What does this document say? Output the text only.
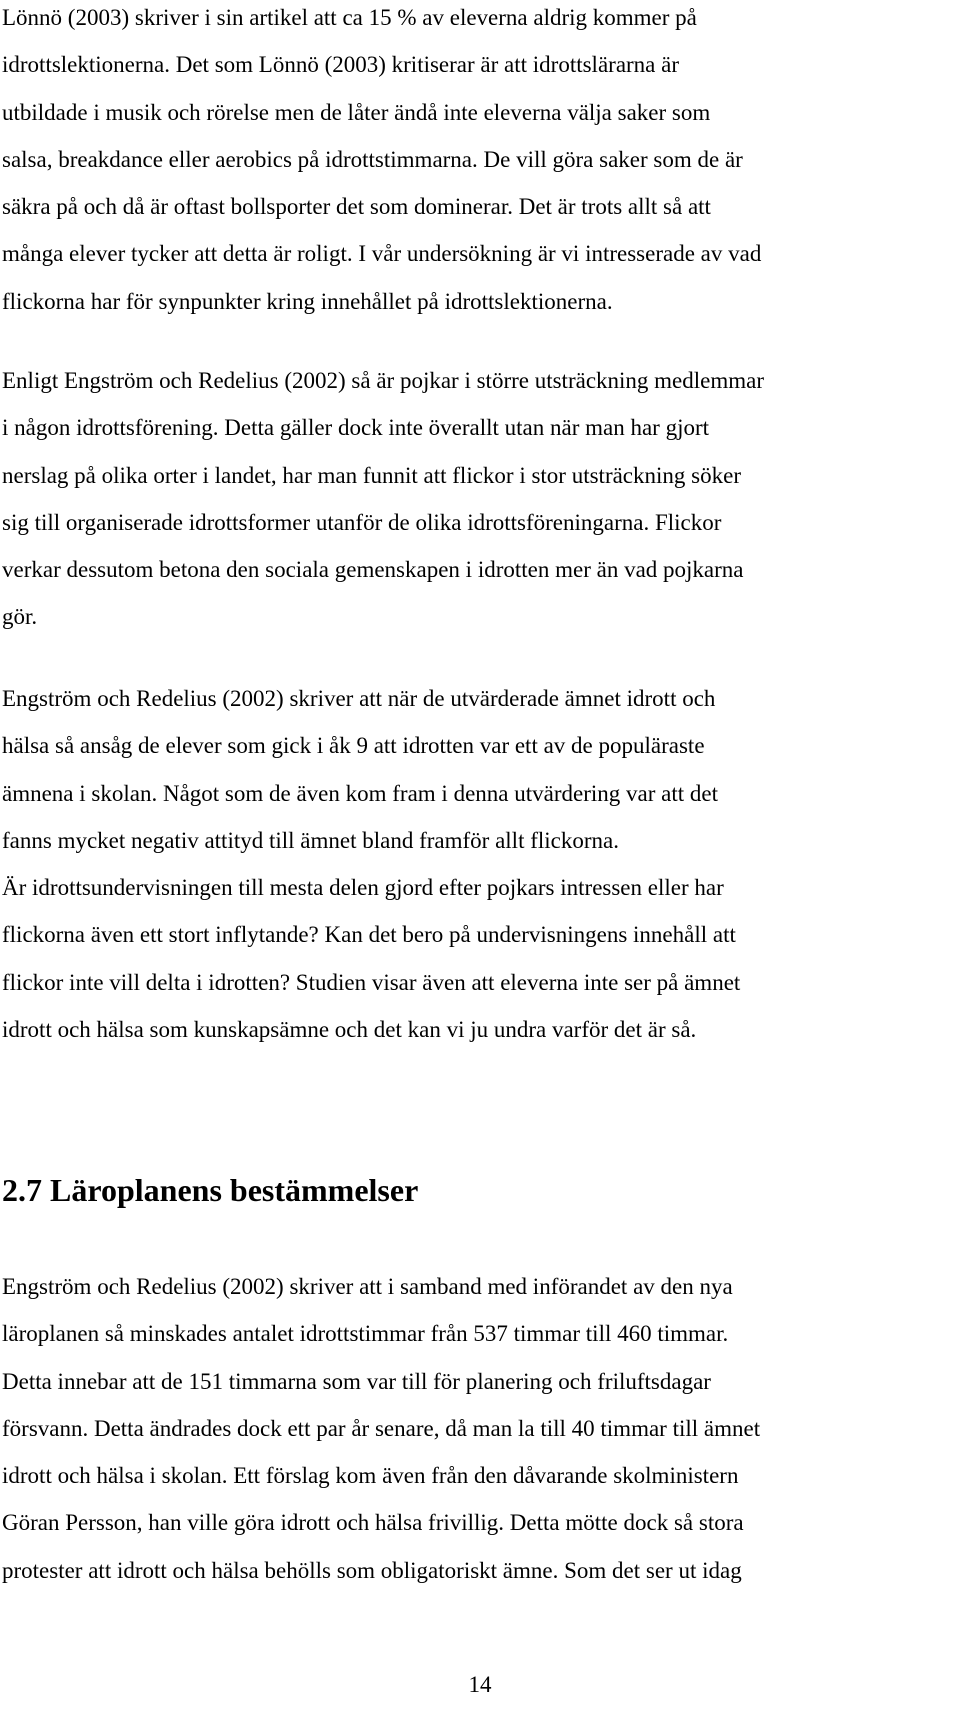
Lönnö (2003) skriver i sin artikel att ca 15 % av eleverna aldrig kommer på
idrottslektionerna. Det som Lönnö (2003) kritiserar är att idrottslärarna är
utbildade i musik och rörelse men de låter ändå inte eleverna välja saker som
salsa, breakdance eller aerobics på idrottstimmarna. De vill göra saker som de är
säkra på och då är oftast bollsporter det som dominerar. Det är trots allt så att
många elever tycker att detta är roligt. I vår undersökning är vi intresserade av vad
flickorna har för synpunkter kring innehållet på idrottslektionerna.
Enligt Engström och Redelius (2002) så är pojkar i större utsträckning medlemmar
i någon idrottsförening. Detta gäller dock inte överallt utan när man har gjort
nerslag på olika orter i landet, har man funnit att flickor i stor utsträckning söker
sig till organiserade idrottsformer utanför de olika idrottsföreningarna. Flickor
verkar dessutom betona den sociala gemenskapen i idrotten mer än vad pojkarna
gör.
Engström och Redelius (2002) skriver att när de utvärderade ämnet idrott och
hälsa så ansåg de elever som gick i åk 9 att idrotten var ett av de populäraste
ämnena i skolan. Något som de även kom fram i denna utvärdering var att det
fanns mycket negativ attityd till ämnet bland framför allt flickorna.
Är idrottsundervisningen till mesta delen gjord efter pojkars intressen eller har
flickorna även ett stort inflytande? Kan det bero på undervisningens innehåll att
flickor inte vill delta i idrotten? Studien visar även att eleverna inte ser på ämnet
idrott och hälsa som kunskapsämne och det kan vi ju undra varför det är så.
2.7 Läroplanens bestämmelser
Engström och Redelius (2002) skriver att i samband med införandet av den nya
läroplanen så minskades antalet idrottstimmar från 537 timmar till 460 timmar.
Detta innebar att de 151 timmarna som var till för planering och friluftsdagar
försvann. Detta ändrades dock ett par år senare, då man la till 40 timmar till ämnet
idrott och hälsa i skolan. Ett förslag kom även från den dåvarande skolministern
Göran Persson, han ville göra idrott och hälsa frivillig. Detta mötte dock så stora
protester att idrott och hälsa behölls som obligatoriskt ämne. Som det ser ut idag
14
